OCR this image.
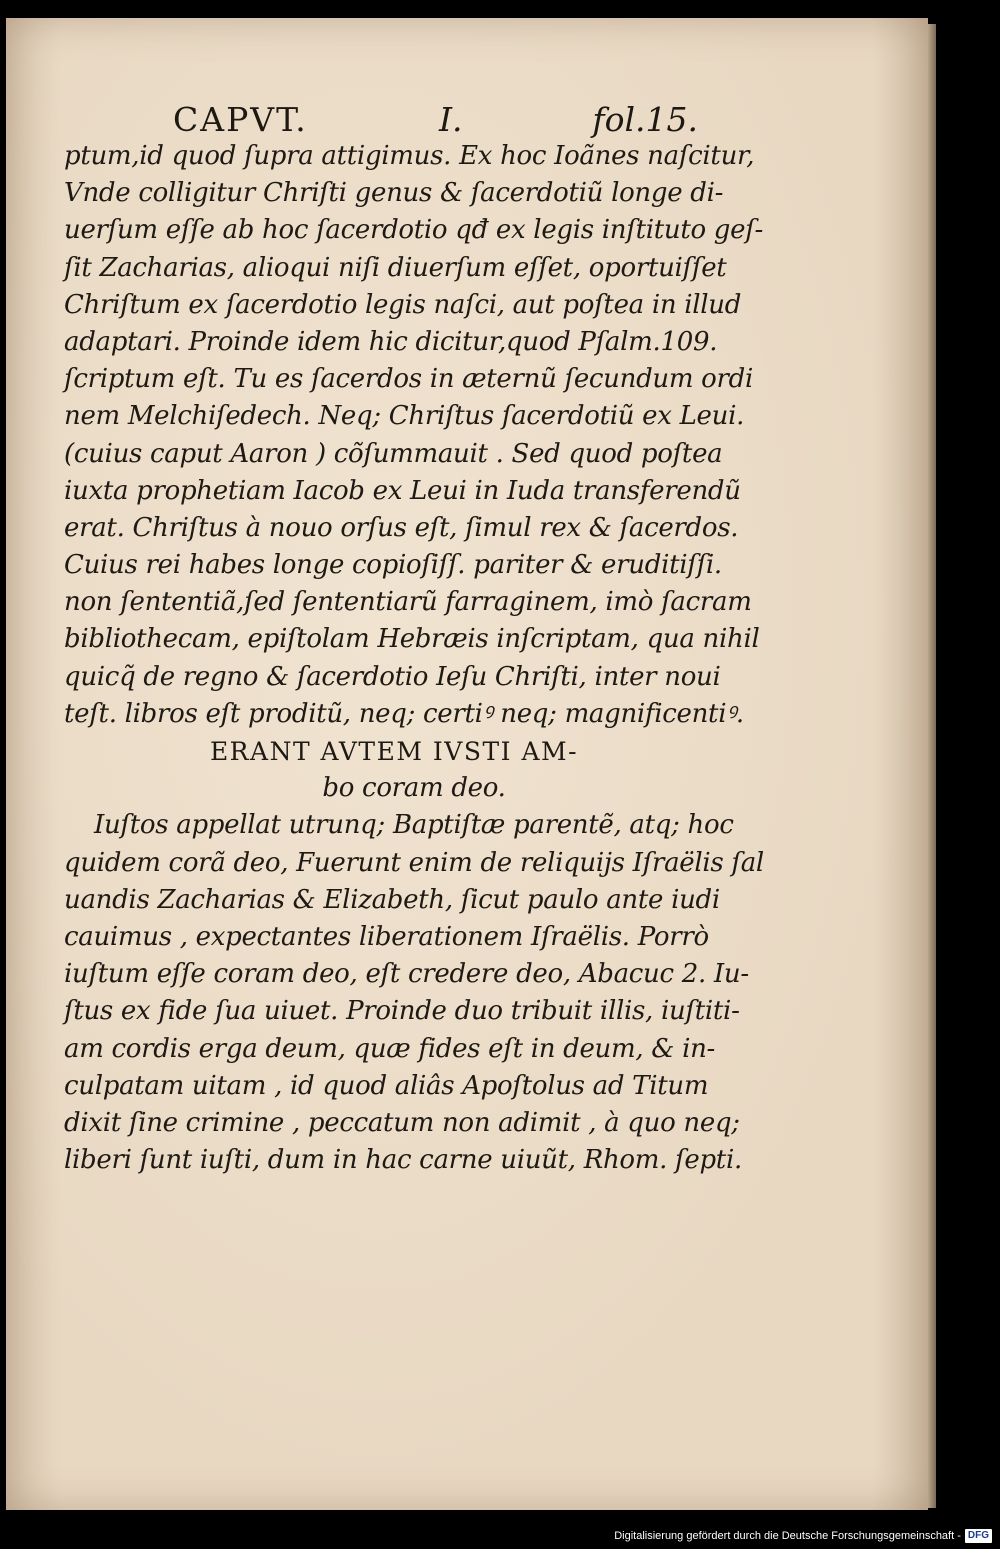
CAPVT.	I.	fol.15.
ptum,id quod ſupra attigimus. Ex hoc Ioãnes naſcitur,
Vnde colligitur Chriſti genus & ſacerdotiũ longe di-
uerſum eſſe ab hoc ſacerdotio qđ ex legis inſtituto geſ-
ſit Zacharias, alioqui niſi diuerſum eſſet, oportuiſſet
Chriſtum ex ſacerdotio legis naſci, aut poſtea in illud
adaptari. Proinde idem hic dicitur,quod Pſalm.109.
ſcriptum eſt. Tu es ſacerdos in æternũ ſecundum ordi
nem Melchiſedech. Neq; Chriſtus ſacerdotiũ ex Leui.
(cuius caput Aaron ) cõſummauit . Sed quod poſtea
iuxta prophetiam Iacob ex Leui in Iuda transferendũ
erat. Chriſtus à nouo orſus eſt, ſimul rex & ſacerdos.
Cuius rei habes longe copioſiſſ. pariter & eruditiſſi.
non ſententiã,ſed ſententiarũ farraginem, imò ſacram
bibliothecam, epiſtolam Hebræis inſcriptam, qua nihil
quicq̃ de regno & ſacerdotio Ieſu Chriſti, inter noui
teſt. libros eſt proditũ, neq; certiꝰ neq; magnificentiꝰ.
ERANT AVTEM IVSTI AM-
bo coram deo.
Iuſtos appellat utrunq; Baptiſtæ parentẽ, atq; hoc
quidem corã deo, Fuerunt enim de reliquijs Iſraëlis ſal
uandis Zacharias & Elizabeth, ſicut paulo ante iudi
cauimus , expectantes liberationem Iſraëlis. Porrò
iuſtum eſſe coram deo, eſt credere deo, Abacuc 2. Iu-
ſtus ex fide ſua uiuet. Proinde duo tribuit illis, iuſtiti-
am cordis erga deum, quæ fides eſt in deum, & in-
culpatam uitam , id quod aliâs Apoſtolus ad Titum
dixit ſine crimine , peccatum non adimit , à quo neq;
liberi ſunt iuſti, dum in hac carne uiuũt, Rhom. ſepti.
Digitalisierung gefördert durch die Deutsche Forschungsgemeinschaft - DFG
